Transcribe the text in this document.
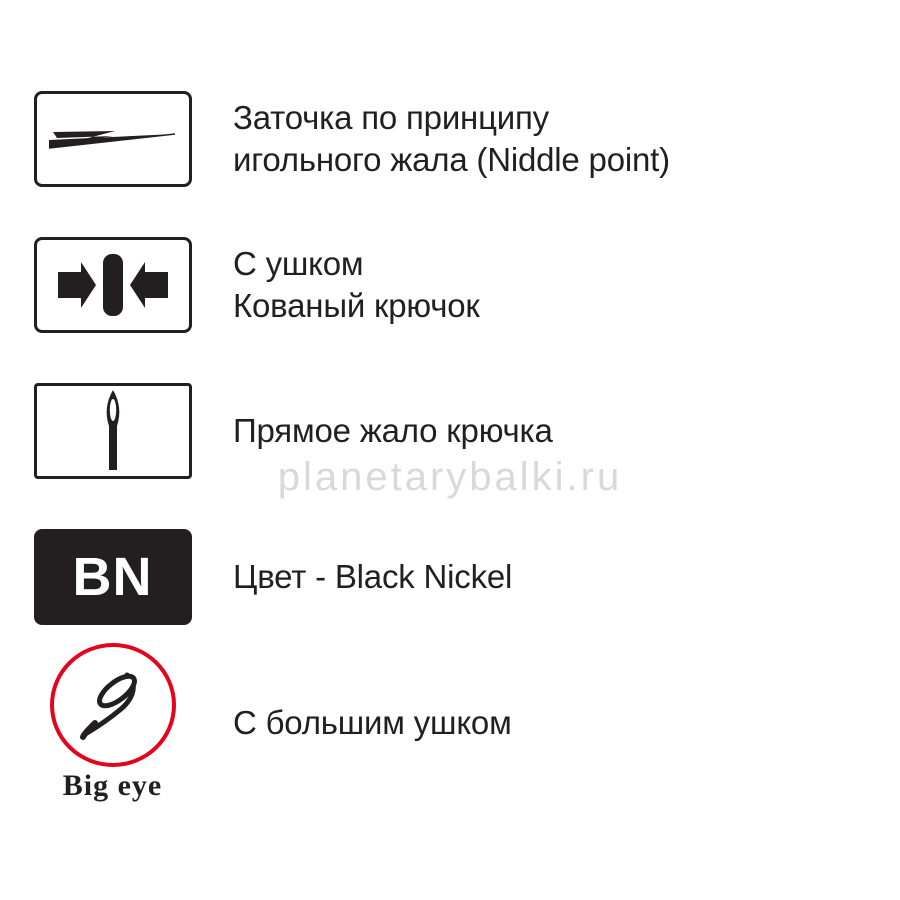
Заточка по принципу
игольного жала (Niddle point)
С ушком
Кованый крючок
Прямое жало крючка
BN Цвет - Black Nickel
Big eye
С большим ушком
planetarybalki.ru
